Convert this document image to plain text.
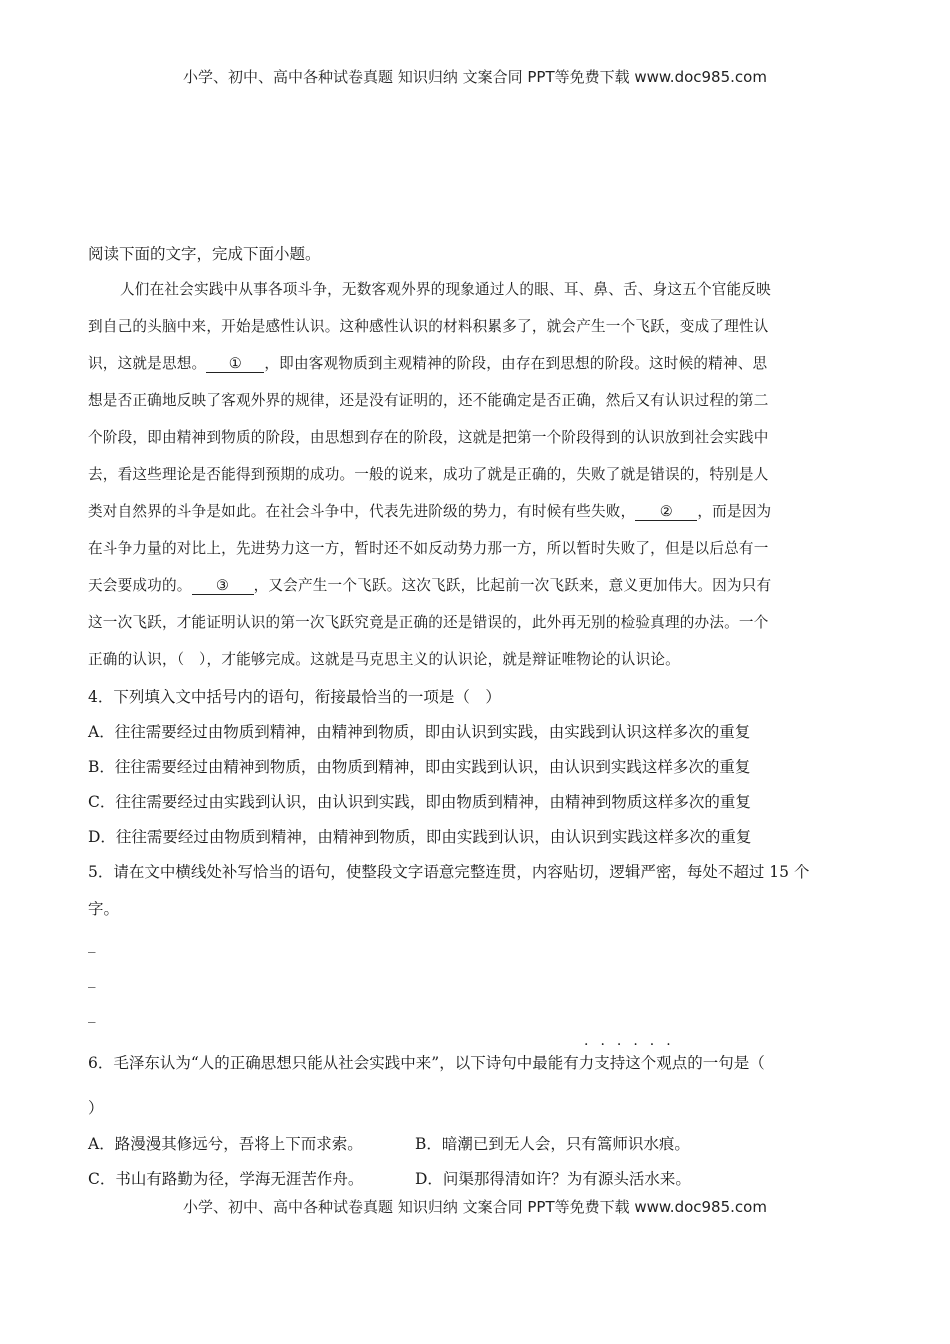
小学、初中、高中各种试卷真题 知识归纳 文案合同 PPT等免费下载 www.doc985.com
阅读下面的文字，完成下面小题。
人们在社会实践中从事各项斗争，无数客观外界的现象通过人的眼、耳、鼻、舌、身这五个官能反映
到自己的头脑中来，开始是感性认识。这种感性认识的材料积累多了，就会产生一个飞跃，变成了理性认
识，这就是思想。 ① ，即由客观物质到主观精神的阶段，由存在到思想的阶段。这时候的精神、思
想是否正确地反映了客观外界的规律，还是没有证明的，还不能确定是否正确，然后又有认识过程的第二
个阶段，即由精神到物质的阶段，由思想到存在的阶段，这就是把第一个阶段得到的认识放到社会实践中
去，看这些理论是否能得到预期的成功。一般的说来，成功了就是正确的，失败了就是错误的，特别是人
类对自然界的斗争是如此。在社会斗争中，代表先进阶级的势力，有时候有些失败， ② ，而是因为
在斗争力量的对比上，先进势力这一方，暂时还不如反动势力那一方，所以暂时失败了，但是以后总有一
天会要成功的。 ③ ，又会产生一个飞跃。这次飞跃，比起前一次飞跃来，意义更加伟大。因为只有
这一次飞跃，才能证明认识的第一次飞跃究竟是正确的还是错误的，此外再无别的检验真理的办法。一个
正确的认识，（　），才能够完成。这就是马克思主义的认识论，就是辩证唯物论的认识论。
4．下列填入文中括号内的语句，衔接最恰当的一项是（　）
A．往往需要经过由物质到精神，由精神到物质，即由认识到实践，由实践到认识这样多次的重复
B．往往需要经过由精神到物质，由物质到精神，即由实践到认识，由认识到实践这样多次的重复
C．往往需要经过由实践到认识，由认识到实践，即由物质到精神，由精神到物质这样多次的重复
D．往往需要经过由物质到精神，由精神到物质，即由实践到认识，由认识到实践这样多次的重复
5．请在文中横线处补写恰当的语句，使整段文字语意完整连贯，内容贴切，逻辑严密，每处不超过 15 个
字。
_
_
_
······
6．毛泽东认为“人的正确思想只能从社会实践中来”，以下诗句中最能有力支持这个观点的一句是（
）
A．路漫漫其修远兮，吾将上下而求索。	B．暗潮已到无人会，只有篙师识水痕。
C．书山有路勤为径，学海无涯苦作舟。	D．问渠那得清如许？为有源头活水来。
小学、初中、高中各种试卷真题 知识归纳 文案合同 PPT等免费下载 www.doc985.com
